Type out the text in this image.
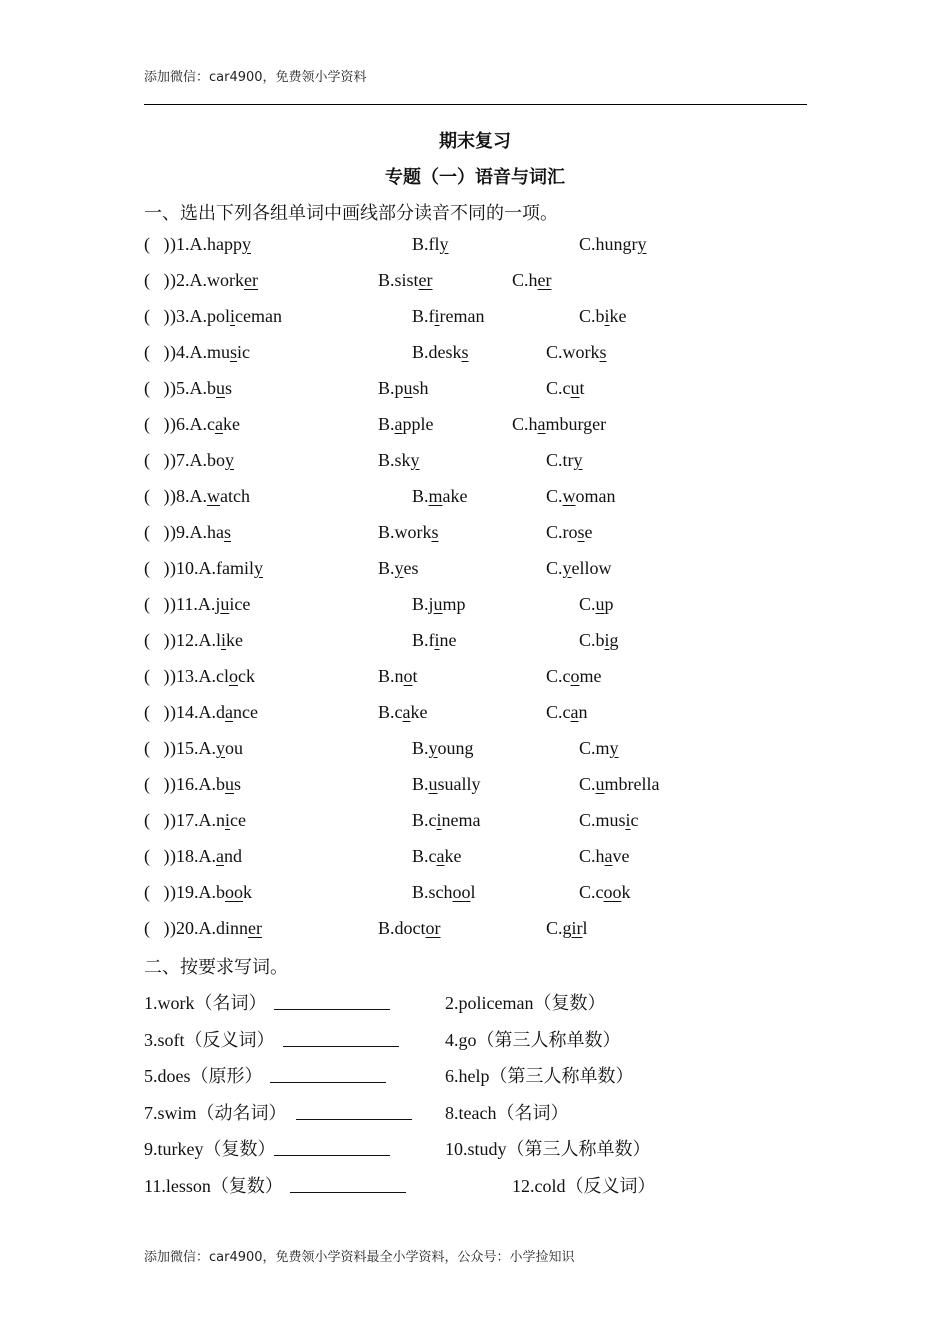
添加微信：car4900，免费领小学资料
期末复习
专题（一）语音与词汇
一、选出下列各组单词中画线部分读音不同的一项。
(   ) )1.A.happy	B.fly	C.hungry
(   ) )2.A.worker	B.sister	C.her
(   ) )3.A.policeman	B.fireman	C.bike
(   ) )4.A.music	B.desks	C.works
(   ) )5.A.bus	B.push	C.cut
(   ) )6.A.cake	B.apple	C.hamburger
(   ) )7.A.boy	B.sky	C.try
(   ) )8.A.watch	B.make	C.woman
(   ) )9.A.has	B.works	C.rose
(   ) )10.A.family	B.yes	C.yellow
(   ) )11.A.juice	B.jump	C.up
(   ) )12.A.like	B.fine	C.big
(   ) )13.A.clock	B.not	C.come
(   ) )14.A.dance	B.cake	C.can
(   ) )15.A.you	B.young	C.my
(   ) )16.A.bus	B.usually	C.umbrella
(   ) )17.A.nice	B.cinema	C.music
(   ) )18.A.and	B.cake	C.have
(   ) )19.A.book	B.school	C.cook
(   ) )20.A.dinner	B.doctor	C.girl
二、按要求写词。
1.work（名词）	2.policeman（复数）
3.soft（反义词）	4.go（第三人称单数）
5.does（原形）	6.help（第三人称单数）
7.swim（动名词）	8.teach（名词）
9.turkey（复数）	10.study（第三人称单数）
11.lesson（复数）	12.cold（反义词）
添加微信：car4900，免费领小学资料最全小学资料，公众号：小学捡知识
